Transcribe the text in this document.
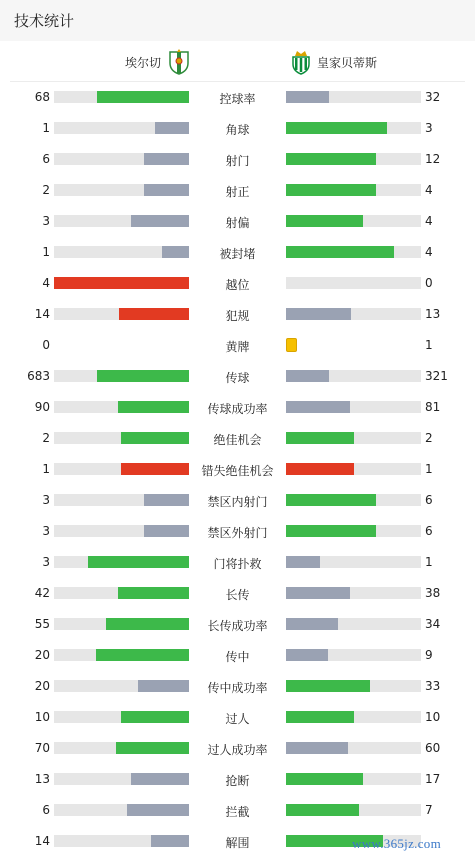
技术统计
埃尔切	皇家贝蒂斯
68	控球率	32
1	角球	3
6	射门	12
2	射正	4
3	射偏	4
1	被封堵	4
4	越位	0
14	犯规	13
0	黄牌	1
683	传球	321
90	传球成功率	81
2	绝佳机会	2
1	错失绝佳机会	1
3	禁区内射门	6
3	禁区外射门	6
3	门将扑救	1
42	长传	38
55	长传成功率	34
20	传中	9
20	传中成功率	33
10	过人	10
70	过人成功率	60
13	抢断	17
6	拦截	7
14	解围	www.365jz.com
